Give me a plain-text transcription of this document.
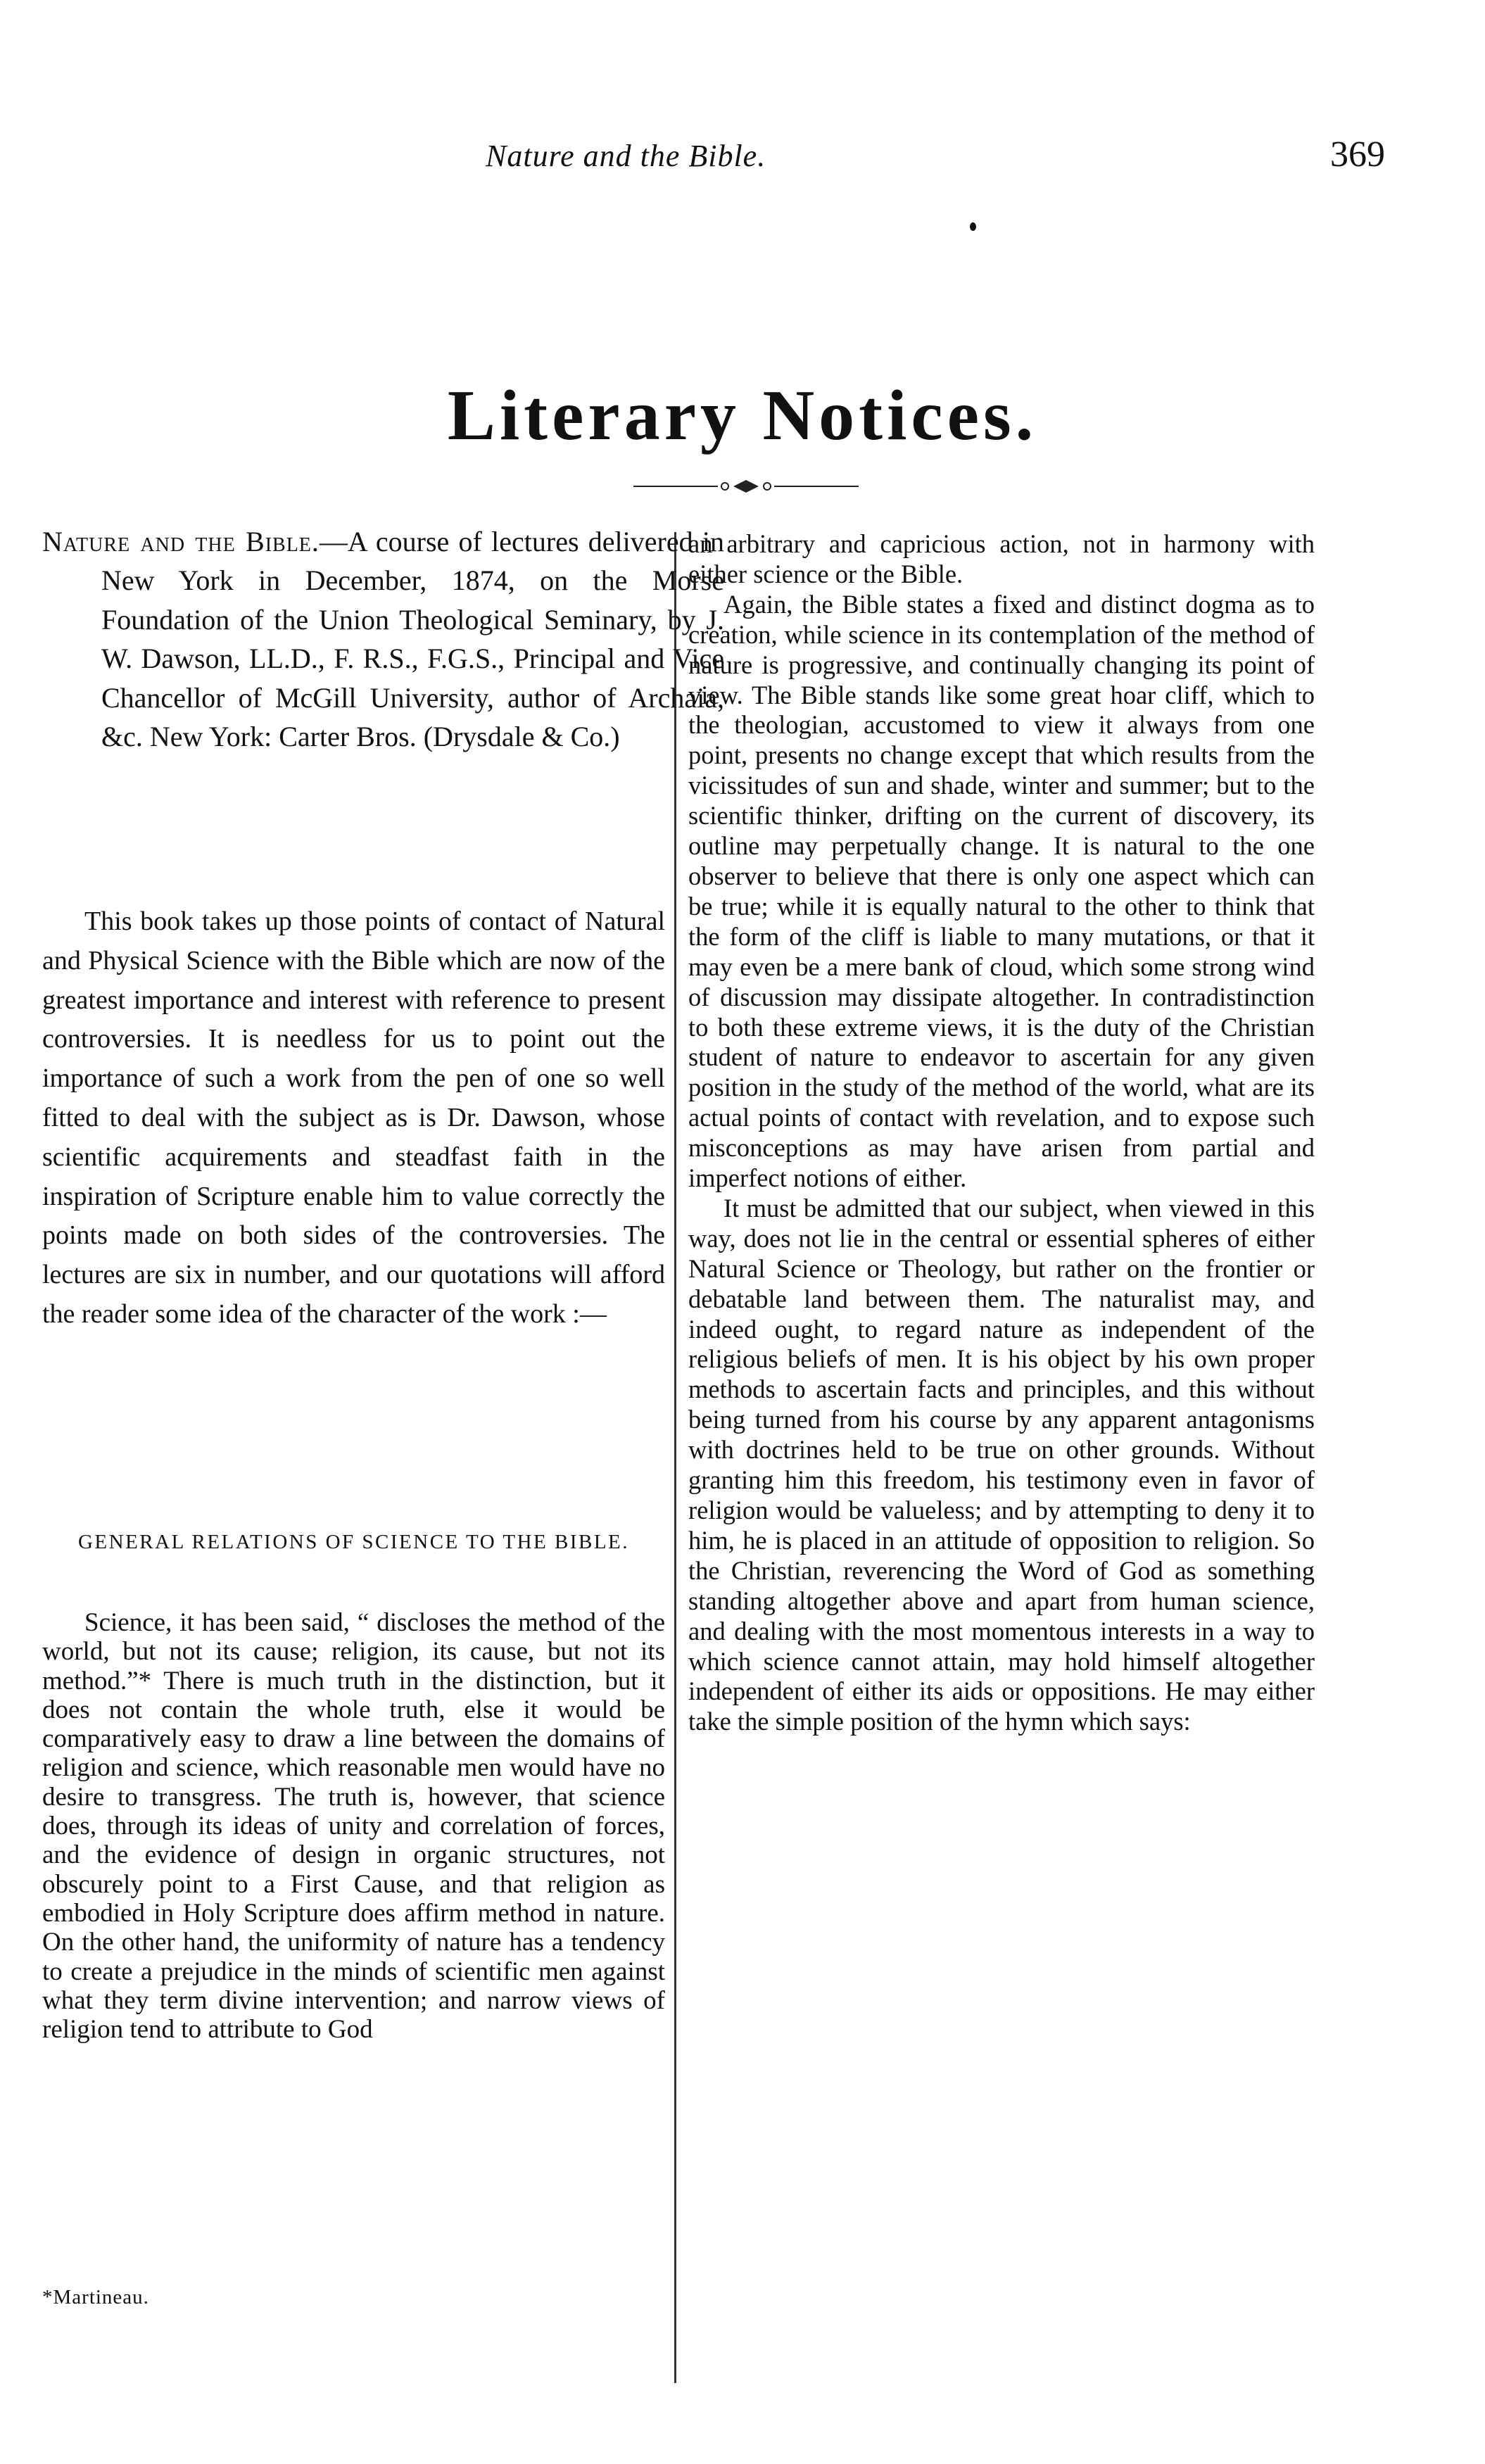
Nature and the Bible.	369
Literary Notices.

Nature and the Bible.—A course of lectures delivered in New York in December, 1874, on the Morse Foundation of the Union Theological Seminary, by J. W. Dawson, LL.D., F. R.S., F.G.S., Principal and Vice Chancellor of McGill University, author of Archaia, &c. New York: Carter Bros. (Drysdale & Co.)

This book takes up those points of contact of Natural and Physical Science with the Bible which are now of the greatest importance and interest with reference to present controversies. It is needless for us to point out the importance of such a work from the pen of one so well fitted to deal with the subject as is Dr. Dawson, whose scientific acquirements and steadfast faith in the inspiration of Scripture enable him to value correctly the points made on both sides of the controversies. The lectures are six in number, and our quotations will afford the reader some idea of the character of the work :—

GENERAL RELATIONS OF SCIENCE TO THE BIBLE.

Science, it has been said, “ discloses the method of the world, but not its cause; religion, its cause, but not its method.”* There is much truth in the distinction, but it does not contain the whole truth, else it would be comparatively easy to draw a line between the domains of religion and science, which reasonable men would have no desire to transgress. The truth is, however, that science does, through its ideas of unity and correlation of forces, and the evidence of design in organic structures, not obscurely point to a First Cause, and that religion as embodied in Holy Scripture does affirm method in nature. On the other hand, the uniformity of nature has a tendency to create a prejudice in the minds of scientific men against what they term divine intervention; and narrow views of religion tend to attribute to God

*Martineau.

an arbitrary and capricious action, not in harmony with either science or the Bible.

Again, the Bible states a fixed and distinct dogma as to creation, while science in its contemplation of the method of nature is progressive, and continually changing its point of view. The Bible stands like some great hoar cliff, which to the theologian, accustomed to view it always from one point, presents no change except that which results from the vicissitudes of sun and shade, winter and summer; but to the scientific thinker, drifting on the current of discovery, its outline may perpetually change. It is natural to the one observer to believe that there is only one aspect which can be true; while it is equally natural to the other to think that the form of the cliff is liable to many mutations, or that it may even be a mere bank of cloud, which some strong wind of discussion may dissipate altogether. In contradistinction to both these extreme views, it is the duty of the Christian student of nature to endeavor to ascertain for any given position in the study of the method of the world, what are its actual points of contact with revelation, and to expose such misconceptions as may have arisen from partial and imperfect notions of either.

It must be admitted that our subject, when viewed in this way, does not lie in the central or essential spheres of either Natural Science or Theology, but rather on the frontier or debatable land between them. The naturalist may, and indeed ought, to regard nature as independent of the religious beliefs of men. It is his object by his own proper methods to ascertain facts and principles, and this without being turned from his course by any apparent antagonisms with doctrines held to be true on other grounds. Without granting him this freedom, his testimony even in favor of religion would be valueless; and by attempting to deny it to him, he is placed in an attitude of opposition to religion. So the Christian, reverencing the Word of God as something standing altogether above and apart from human science, and dealing with the most momentous interests in a way to which science cannot attain, may hold himself altogether independent of either its aids or oppositions. He may either take the simple position of the hymn which says:
